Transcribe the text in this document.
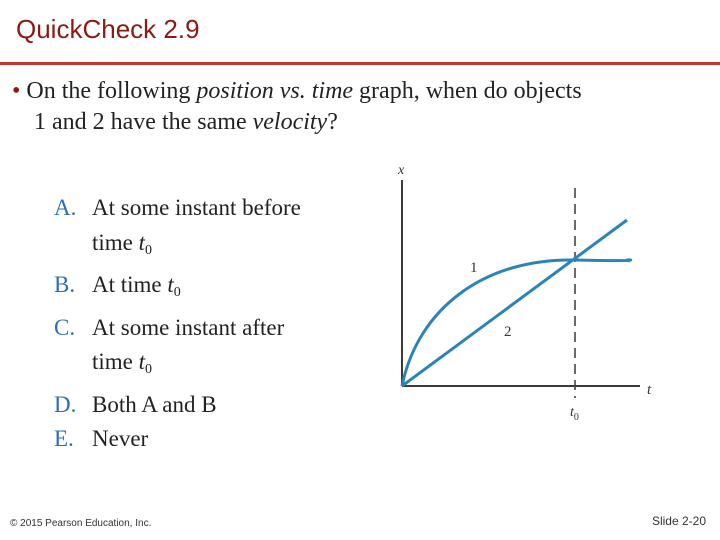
QuickCheck 2.9
• On the following position vs. time graph, when do objects
1 and 2 have the same velocity?
A. At some instant before
time $t_0$
B. At time $t_0$
C. At some instant after
time $t_0$
D. Both A and B
E. Never
x
t
1
2
$t_0$
© 2015 Pearson Education, Inc.	Slide 2-20
